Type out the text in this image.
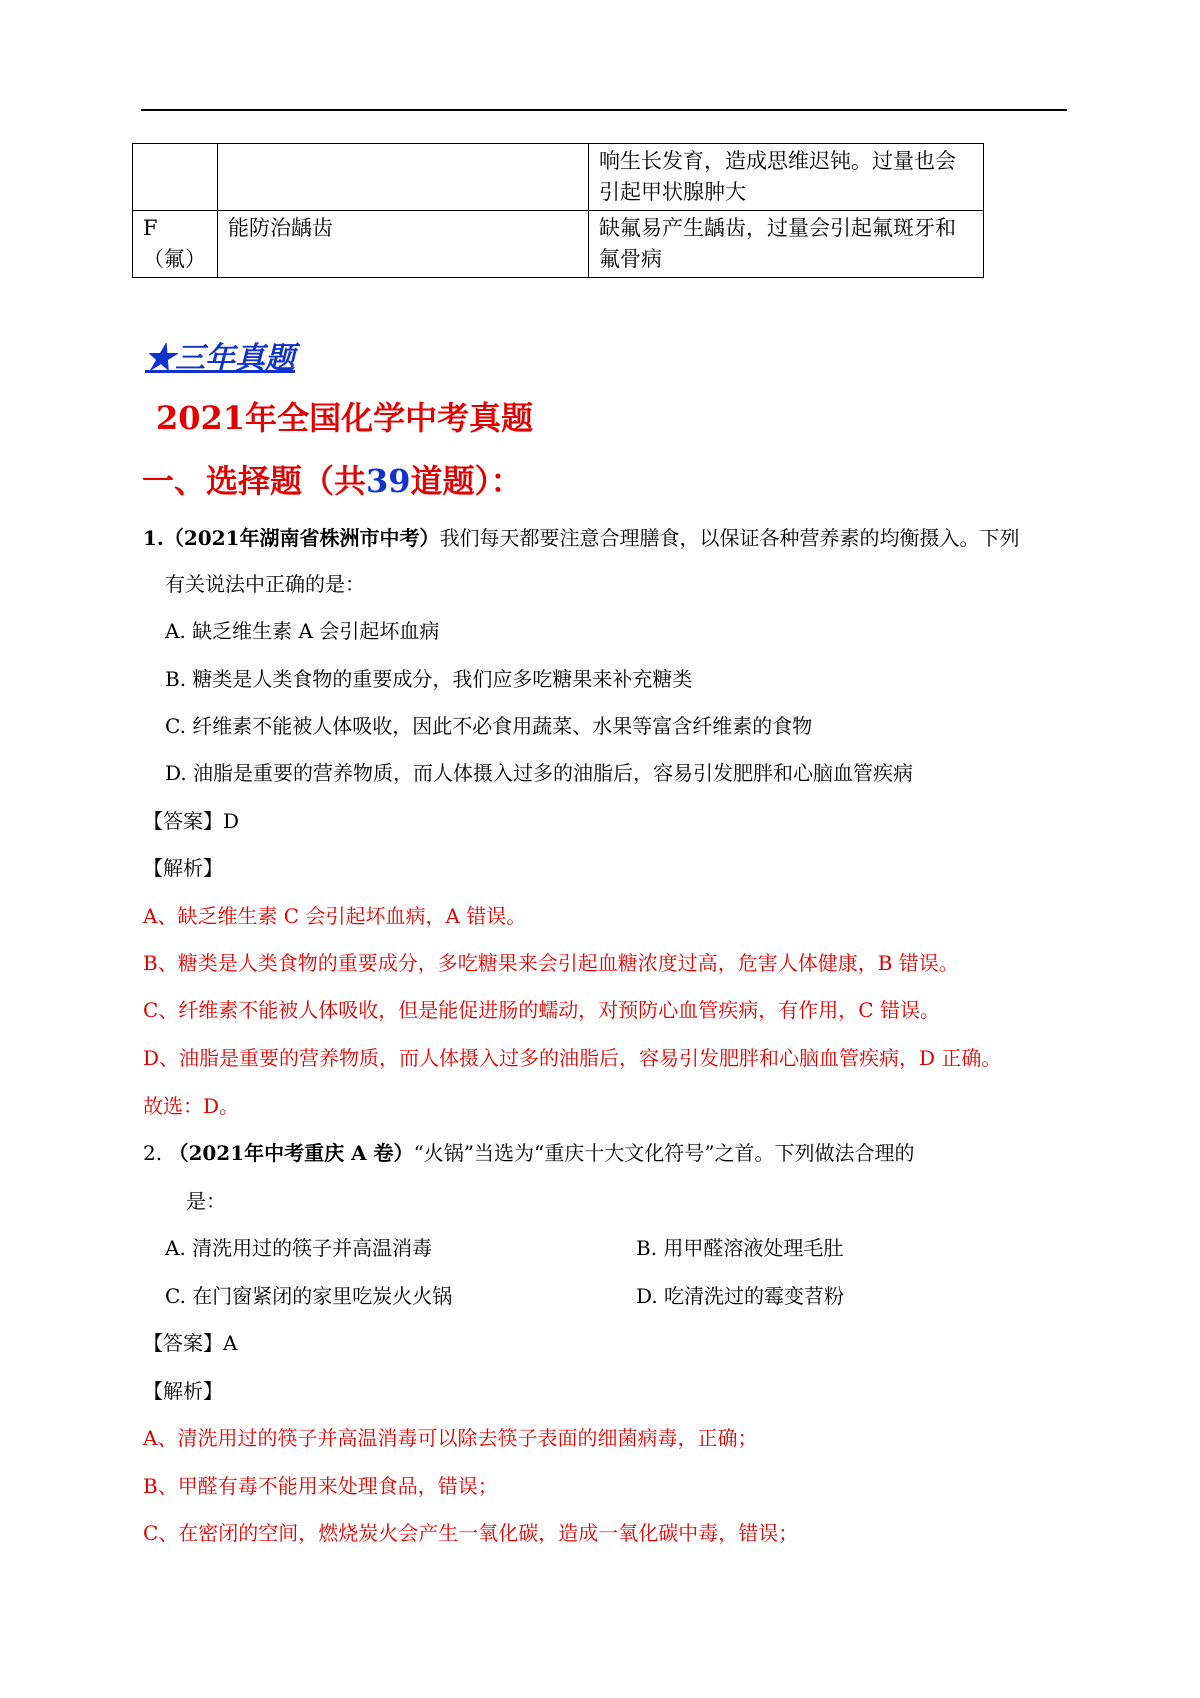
		响生长发育，造成思维迟钝。过量也会
引起甲状腺肿大

F（氟）	能防治龋齿	缺氟易产生龋齿，过量会引起氟斑牙和
氟骨病
★三年真题
2021年全国化学中考真题
一、选择题（共39道题）：
1.（2021年湖南省株洲市中考）我们每天都要注意合理膳食，以保证各种营养素的均衡摄入。下列
有关说法中正确的是：
A. 缺乏维生素 A 会引起坏血病
B. 糖类是人类食物的重要成分，我们应多吃糖果来补充糖类
C. 纤维素不能被人体吸收，因此不必食用蔬菜、水果等富含纤维素的食物
D. 油脂是重要的营养物质，而人体摄入过多的油脂后，容易引发肥胖和心脑血管疾病
【答案】D
【解析】
A、缺乏维生素 C 会引起坏血病，A 错误。
B、糖类是人类食物的重要成分，多吃糖果来会引起血糖浓度过高，危害人体健康，B 错误。
C、纤维素不能被人体吸收，但是能促进肠的蠕动，对预防心血管疾病，有作用，C 错误。
D、油脂是重要的营养物质，而人体摄入过多的油脂后，容易引发肥胖和心脑血管疾病，D 正确。
故选：D。
2. （2021年中考重庆 A 卷）“火锅”当选为“重庆十大文化符号”之首。下列做法合理的
是：
A. 清洗用过的筷子并高温消毒	B. 用甲醛溶液处理毛肚
C. 在门窗紧闭的家里吃炭火火锅	D. 吃清洗过的霉变苕粉
【答案】A
【解析】
A、清洗用过的筷子并高温消毒可以除去筷子表面的细菌病毒，正确；
B、甲醛有毒不能用来处理食品，错误；
C、在密闭的空间，燃烧炭火会产生一氧化碳，造成一氧化碳中毒，错误；
